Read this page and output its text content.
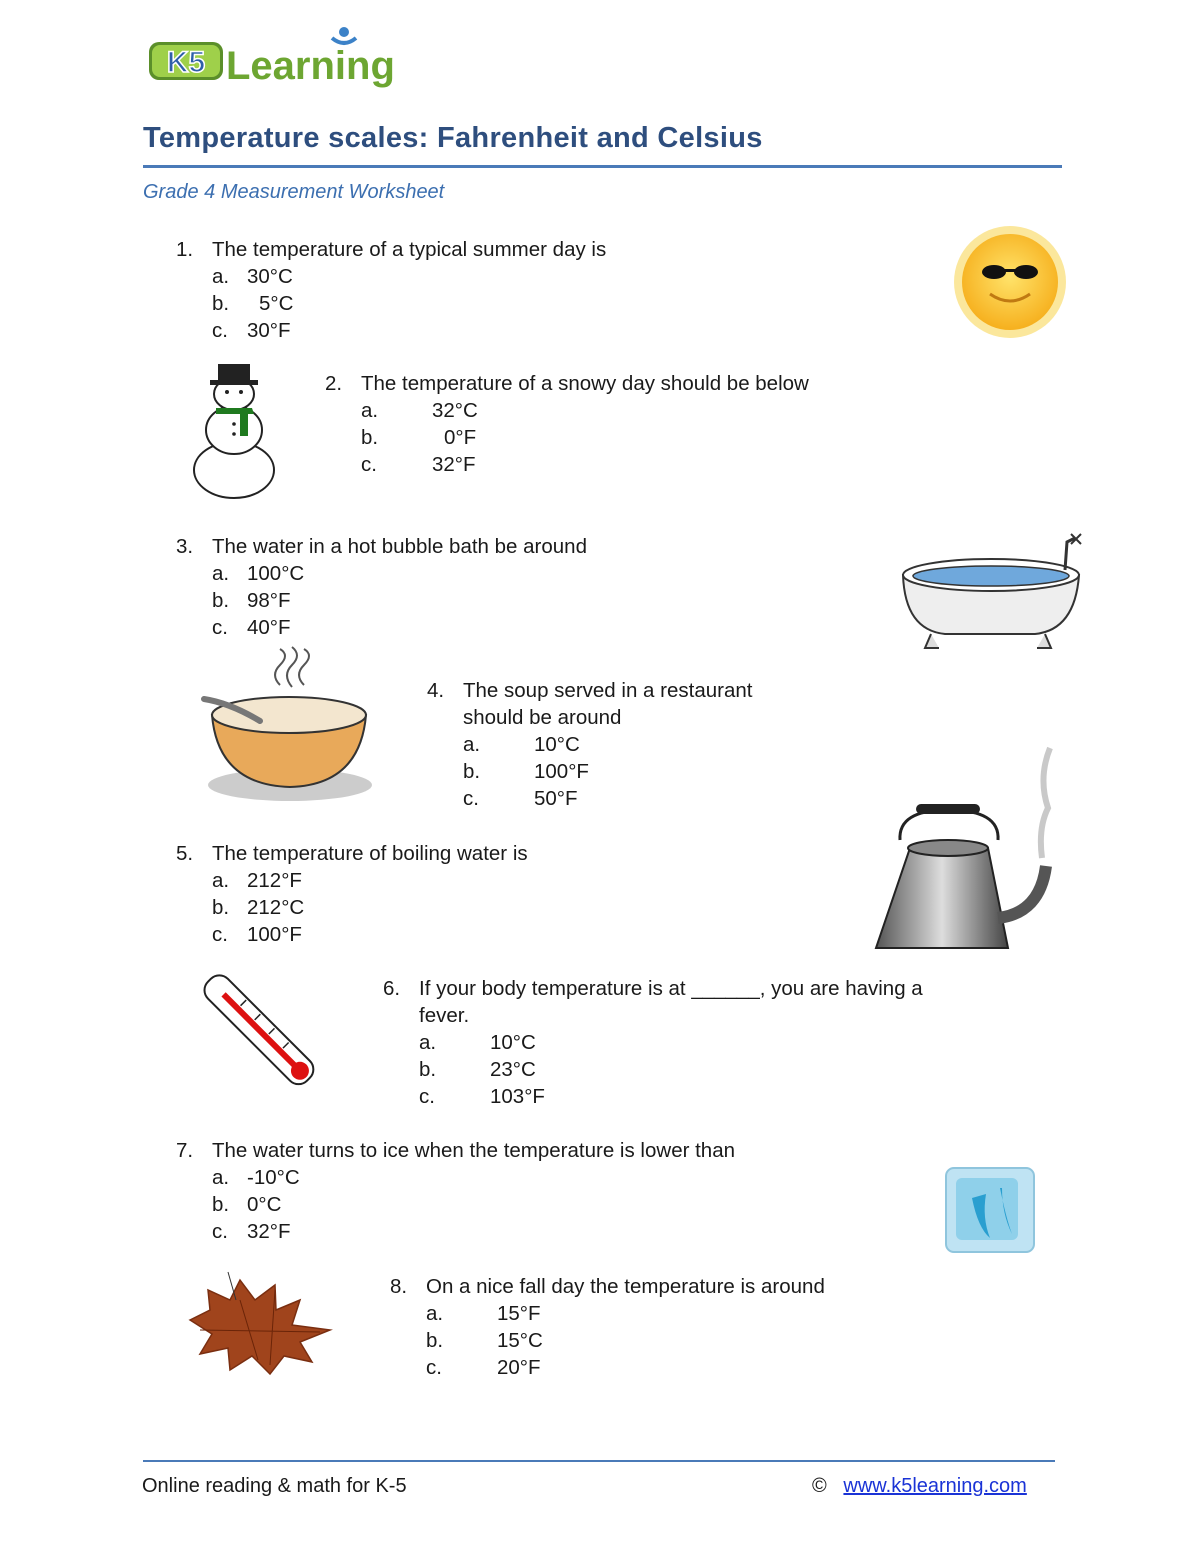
K5 Learning
Temperature scales: Fahrenheit and Celsius
Grade 4 Measurement Worksheet
1. The temperature of a typical summer day is
a. 30°C
b. 5°C
c. 30°F
2. The temperature of a snowy day should be below
a.	32°C
b.	0°F
c.	32°F
3. The water in a hot bubble bath be around
a. 100°C
b. 98°F
c. 40°F
4. The soup served in a restaurant
should be around
a.	10°C
b.	100°F
c.	50°F
5. The temperature of boiling water is
a. 212°F
b. 212°C
c. 100°F
6. If your body temperature is at ______, you are having a
fever.
a.	10°C
b.	23°C
c.	103°F
7. The water turns to ice when the temperature is lower than
a. -10°C
b. 0°C
c. 32°F
8. On a nice fall day the temperature is around
a.	15°F
b.	15°C
c.	20°F
Online reading & math for K-5	© www.k5learning.com
